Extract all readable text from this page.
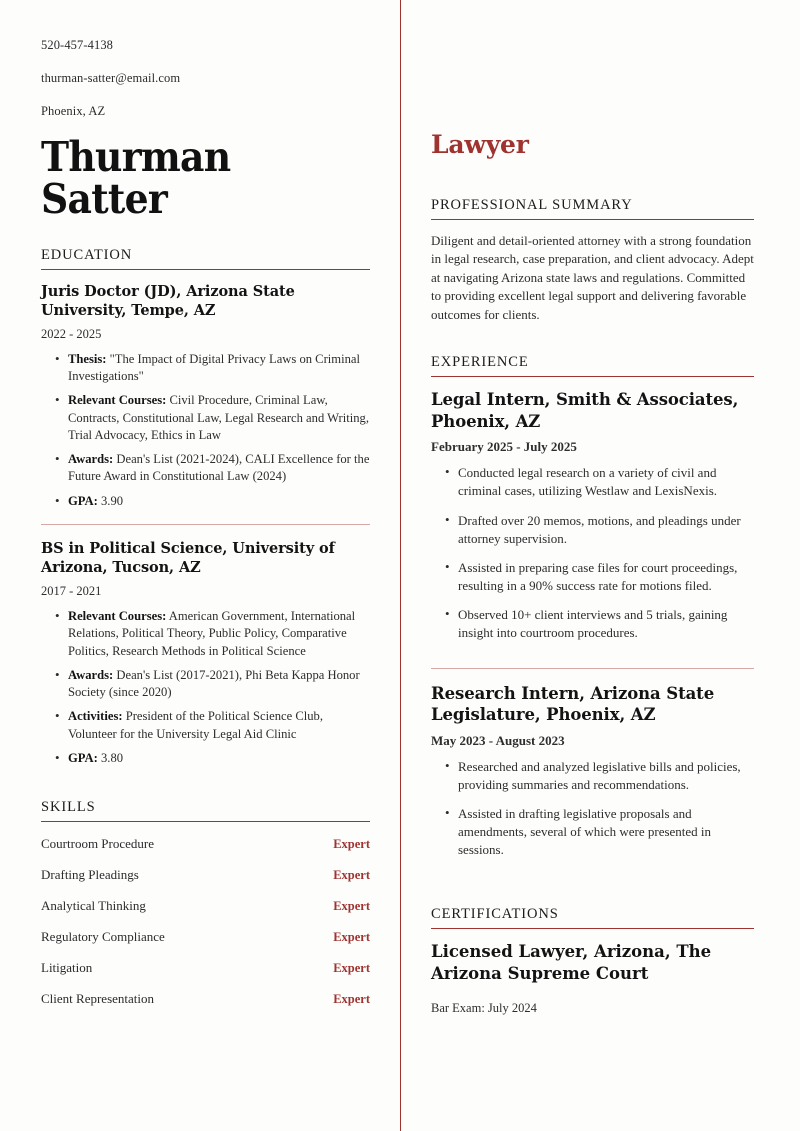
520-457-4138
thurman-satter@email.com
Phoenix, AZ
Thurman
Satter
EDUCATION
Juris Doctor (JD), Arizona State University, Tempe, AZ
2022 - 2025
• Thesis: "The Impact of Digital Privacy Laws on Criminal Investigations"
• Relevant Courses: Civil Procedure, Criminal Law, Contracts, Constitutional Law, Legal Research and Writing, Trial Advocacy, Ethics in Law
• Awards: Dean's List (2021-2024), CALI Excellence for the Future Award in Constitutional Law (2024)
• GPA: 3.90
BS in Political Science, University of Arizona, Tucson, AZ
2017 - 2021
• Relevant Courses: American Government, International Relations, Political Theory, Public Policy, Comparative Politics, Research Methods in Political Science
• Awards: Dean's List (2017-2021), Phi Beta Kappa Honor Society (since 2020)
• Activities: President of the Political Science Club, Volunteer for the University Legal Aid Clinic
• GPA: 3.80
SKILLS
Courtroom Procedure	Expert
Drafting Pleadings	Expert
Analytical Thinking	Expert
Regulatory Compliance	Expert
Litigation	Expert
Client Representation	Expert
Lawyer
PROFESSIONAL SUMMARY
Diligent and detail-oriented attorney with a strong foundation in legal research, case preparation, and client advocacy. Adept at navigating Arizona state laws and regulations. Committed to providing excellent legal support and delivering favorable outcomes for clients.
EXPERIENCE
Legal Intern, Smith & Associates, Phoenix, AZ
February 2025 - July 2025
• Conducted legal research on a variety of civil and criminal cases, utilizing Westlaw and LexisNexis.
• Drafted over 20 memos, motions, and pleadings under attorney supervision.
• Assisted in preparing case files for court proceedings, resulting in a 90% success rate for motions filed.
• Observed 10+ client interviews and 5 trials, gaining insight into courtroom procedures.
Research Intern, Arizona State Legislature, Phoenix, AZ
May 2023 - August 2023
• Researched and analyzed legislative bills and policies, providing summaries and recommendations.
• Assisted in drafting legislative proposals and amendments, several of which were presented in sessions.
CERTIFICATIONS
Licensed Lawyer, Arizona, The Arizona Supreme Court
Bar Exam: July 2024
